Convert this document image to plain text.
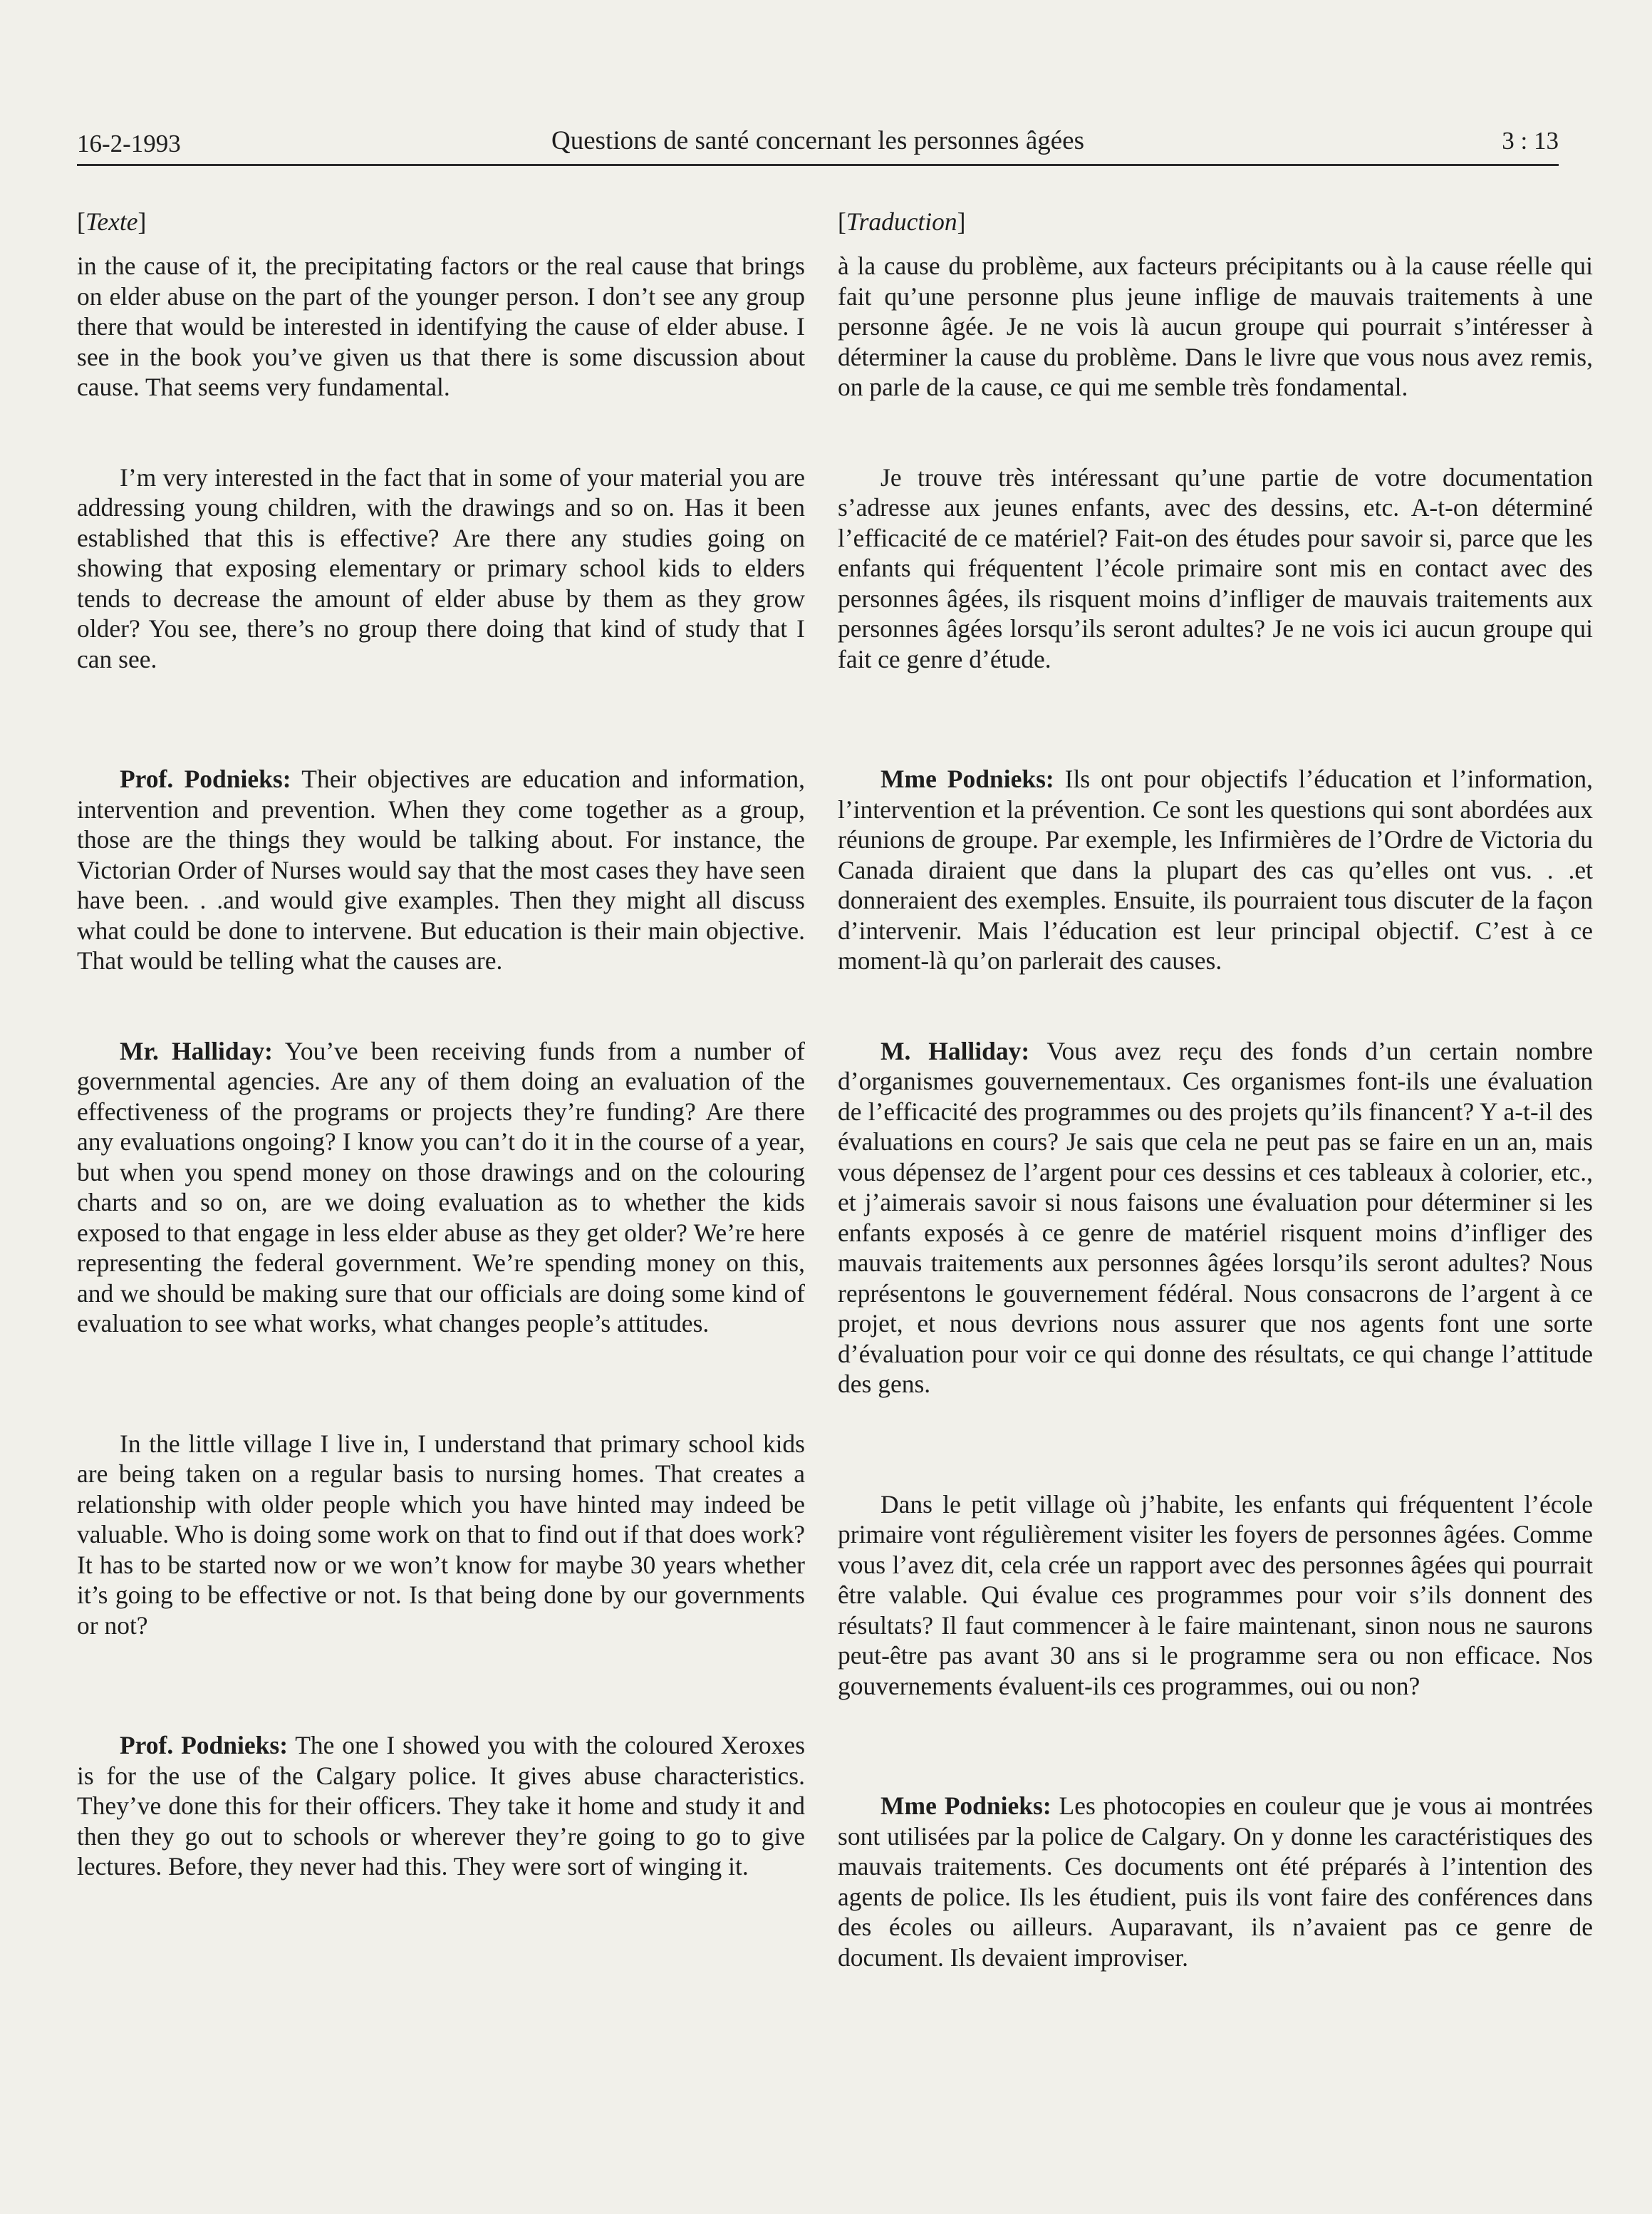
16-2-1993	Questions de santé concernant les personnes âgées	3 : 13
[Texte]

in the cause of it, the precipitating factors or the real cause that brings on elder abuse on the part of the younger person. I don’t see any group there that would be interested in identifying the cause of elder abuse. I see in the book you’ve given us that there is some discussion about cause. That seems very fundamental.

I’m very interested in the fact that in some of your material you are addressing young children, with the drawings and so on. Has it been established that this is effective? Are there any studies going on showing that exposing elementary or primary school kids to elders tends to decrease the amount of elder abuse by them as they grow older? You see, there’s no group there doing that kind of study that I can see.

Prof. Podnieks: Their objectives are education and information, intervention and prevention. When they come together as a group, those are the things they would be talking about. For instance, the Victorian Order of Nurses would say that the most cases they have seen have been. . .and would give examples. Then they might all discuss what could be done to intervene. But education is their main objective. That would be telling what the causes are.

Mr. Halliday: You’ve been receiving funds from a number of governmental agencies. Are any of them doing an evaluation of the effectiveness of the programs or projects they’re funding? Are there any evaluations ongoing? I know you can’t do it in the course of a year, but when you spend money on those drawings and on the colouring charts and so on, are we doing evaluation as to whether the kids exposed to that engage in less elder abuse as they get older? We’re here representing the federal government. We’re spending money on this, and we should be making sure that our officials are doing some kind of evaluation to see what works, what changes people’s attitudes.

In the little village I live in, I understand that primary school kids are being taken on a regular basis to nursing homes. That creates a relationship with older people which you have hinted may indeed be valuable. Who is doing some work on that to find out if that does work? It has to be started now or we won’t know for maybe 30 years whether it’s going to be effective or not. Is that being done by our governments or not?

Prof. Podnieks: The one I showed you with the coloured Xeroxes is for the use of the Calgary police. It gives abuse characteristics. They’ve done this for their officers. They take it home and study it and then they go out to schools or wherever they’re going to go to give lectures. Before, they never had this. They were sort of winging it.

[Traduction]

à la cause du problème, aux facteurs précipitants ou à la cause réelle qui fait qu’une personne plus jeune inflige de mauvais traitements à une personne âgée. Je ne vois là aucun groupe qui pourrait s’intéresser à déterminer la cause du problème. Dans le livre que vous nous avez remis, on parle de la cause, ce qui me semble très fondamental.

Je trouve très intéressant qu’une partie de votre documentation s’adresse aux jeunes enfants, avec des dessins, etc. A-t-on déterminé l’efficacité de ce matériel? Fait-on des études pour savoir si, parce que les enfants qui fréquentent l’école primaire sont mis en contact avec des personnes âgées, ils risquent moins d’infliger de mauvais traitements aux personnes âgées lorsqu’ils seront adultes? Je ne vois ici aucun groupe qui fait ce genre d’étude.

Mme Podnieks: Ils ont pour objectifs l’éducation et l’information, l’intervention et la prévention. Ce sont les questions qui sont abordées aux réunions de groupe. Par exemple, les Infirmières de l’Ordre de Victoria du Canada diraient que dans la plupart des cas qu’elles ont vus. . .et donneraient des exemples. Ensuite, ils pourraient tous discuter de la façon d’intervenir. Mais l’éducation est leur principal objectif. C’est à ce moment-là qu’on parlerait des causes.

M. Halliday: Vous avez reçu des fonds d’un certain nombre d’organismes gouvernementaux. Ces organismes font-ils une évaluation de l’efficacité des programmes ou des projets qu’ils financent? Y a-t-il des évaluations en cours? Je sais que cela ne peut pas se faire en un an, mais vous dépensez de l’argent pour ces dessins et ces tableaux à colorier, etc., et j’aimerais savoir si nous faisons une évaluation pour déterminer si les enfants exposés à ce genre de matériel risquent moins d’infliger des mauvais traitements aux personnes âgées lorsqu’ils seront adultes? Nous représentons le gouvernement fédéral. Nous consacrons de l’argent à ce projet, et nous devrions nous assurer que nos agents font une sorte d’évaluation pour voir ce qui donne des résultats, ce qui change l’attitude des gens.

Dans le petit village où j’habite, les enfants qui fréquentent l’école primaire vont régulièrement visiter les foyers de personnes âgées. Comme vous l’avez dit, cela crée un rapport avec des personnes âgées qui pourrait être valable. Qui évalue ces programmes pour voir s’ils donnent des résultats? Il faut commencer à le faire maintenant, sinon nous ne saurons peut-être pas avant 30 ans si le programme sera ou non efficace. Nos gouvernements évaluent-ils ces programmes, oui ou non?

Mme Podnieks: Les photocopies en couleur que je vous ai montrées sont utilisées par la police de Calgary. On y donne les caractéristiques des mauvais traitements. Ces documents ont été préparés à l’intention des agents de police. Ils les étudient, puis ils vont faire des conférences dans des écoles ou ailleurs. Auparavant, ils n’avaient pas ce genre de document. Ils devaient improviser.
